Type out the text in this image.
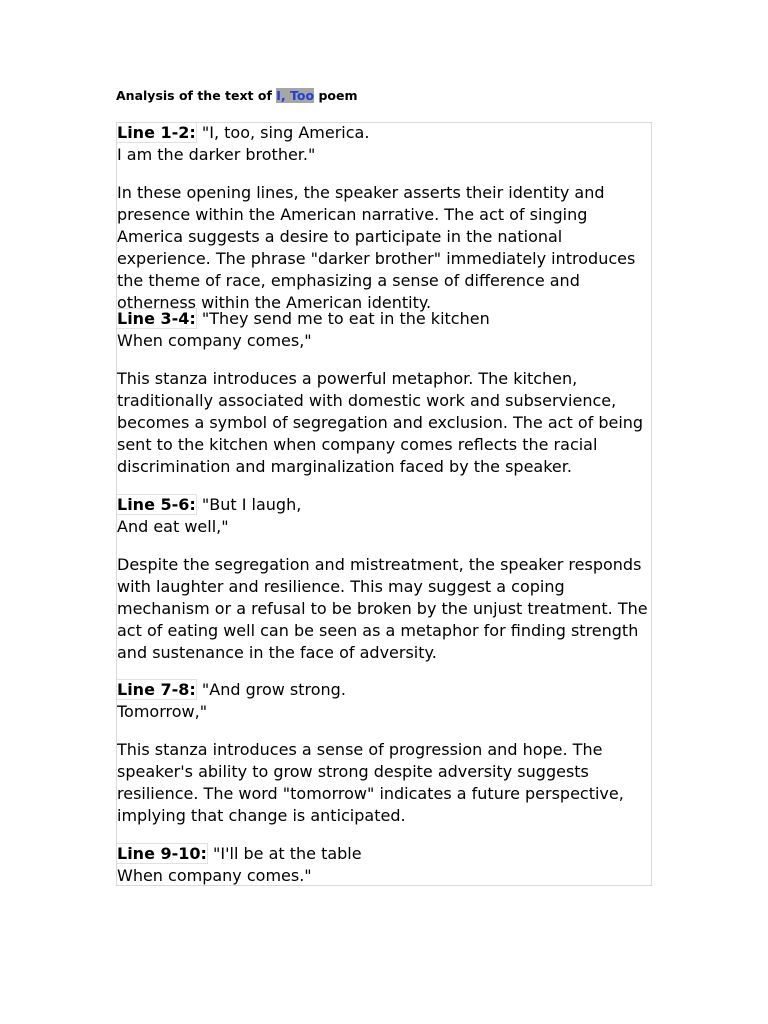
Analysis of the text of I, Too poem

Line 1-2: "I, too, sing America.
I am the darker brother."

In these opening lines, the speaker asserts their identity and presence within the American narrative. The act of singing America suggests a desire to participate in the national experience. The phrase "darker brother" immediately introduces the theme of race, emphasizing a sense of difference and otherness within the American identity.

Line 3-4: "They send me to eat in the kitchen
When company comes,"

This stanza introduces a powerful metaphor. The kitchen, traditionally associated with domestic work and subservience, becomes a symbol of segregation and exclusion. The act of being sent to the kitchen when company comes reflects the racial discrimination and marginalization faced by the speaker.

Line 5-6: "But I laugh,
And eat well,"

Despite the segregation and mistreatment, the speaker responds with laughter and resilience. This may suggest a coping mechanism or a refusal to be broken by the unjust treatment. The act of eating well can be seen as a metaphor for finding strength and sustenance in the face of adversity.

Line 7-8: "And grow strong.
Tomorrow,"

This stanza introduces a sense of progression and hope. The speaker's ability to grow strong despite adversity suggests resilience. The word "tomorrow" indicates a future perspective, implying that change is anticipated.

Line 9-10: "I'll be at the table
When company comes."
